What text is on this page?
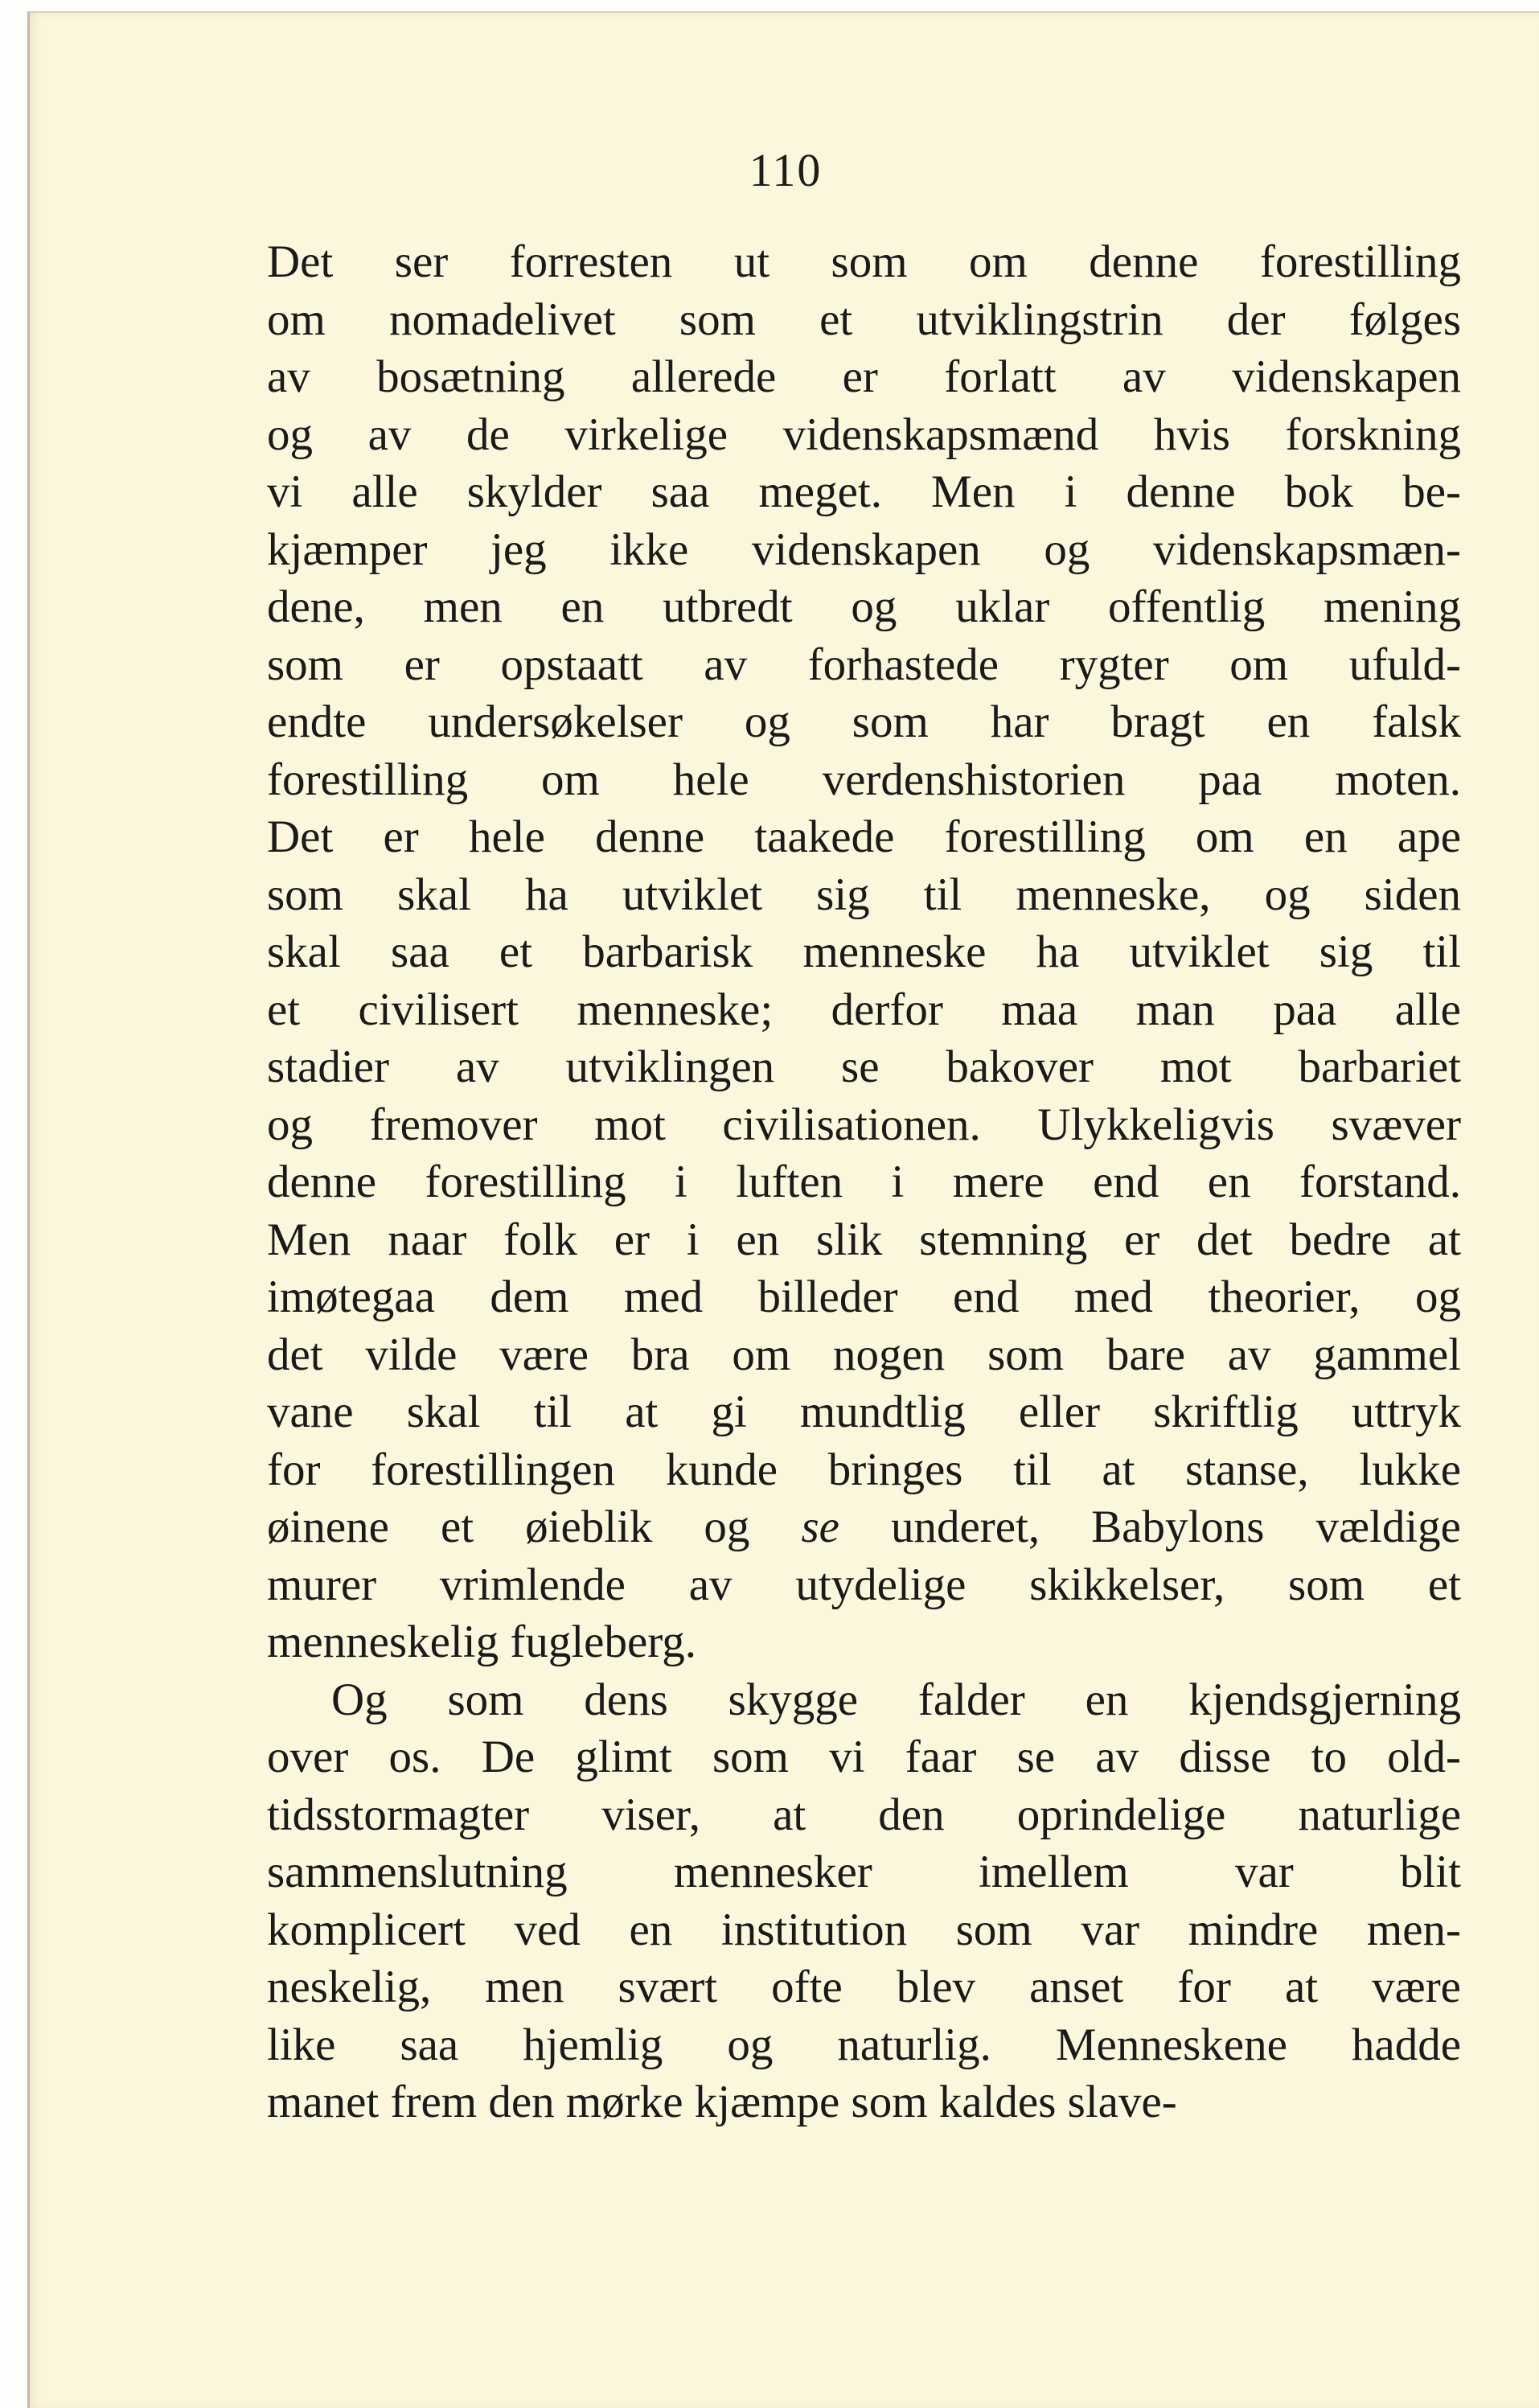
110
Det ser forresten ut som om denne forestilling
om nomadelivet som et utviklingstrin der følges
av bosætning allerede er forlatt av videnskapen
og av de virkelige videnskapsmænd hvis forskning
vi alle skylder saa meget. Men i denne bok be-
kjæmper jeg ikke videnskapen og videnskapsmæn-
dene, men en utbredt og uklar offentlig mening
som er opstaatt av forhastede rygter om ufuld-
endte undersøkelser og som har bragt en falsk
forestilling om hele verdenshistorien paa moten.
Det er hele denne taakede forestilling om en ape
som skal ha utviklet sig til menneske, og siden
skal saa et barbarisk menneske ha utviklet sig til
et civilisert menneske; derfor maa man paa alle
stadier av utviklingen se bakover mot barbariet
og fremover mot civilisationen. Ulykkeligvis svæver
denne forestilling i luften i mere end en forstand.
Men naar folk er i en slik stemning er det bedre at
imøtegaa dem med billeder end med theorier, og
det vilde være bra om nogen som bare av gammel
vane skal til at gi mundtlig eller skriftlig uttryk
for forestillingen kunde bringes til at stanse, lukke
øinene et øieblik og se underet, Babylons vældige
murer vrimlende av utydelige skikkelser, som et
menneskelig fugleberg.
Og som dens skygge falder en kjendsgjerning
over os. De glimt som vi faar se av disse to old-
tidsstormagter viser, at den oprindelige naturlige
sammenslutning mennesker imellem var blit
komplicert ved en institution som var mindre men-
neskelig, men svært ofte blev anset for at være
like saa hjemlig og naturlig. Menneskene hadde
manet frem den mørke kjæmpe som kaldes slave-
